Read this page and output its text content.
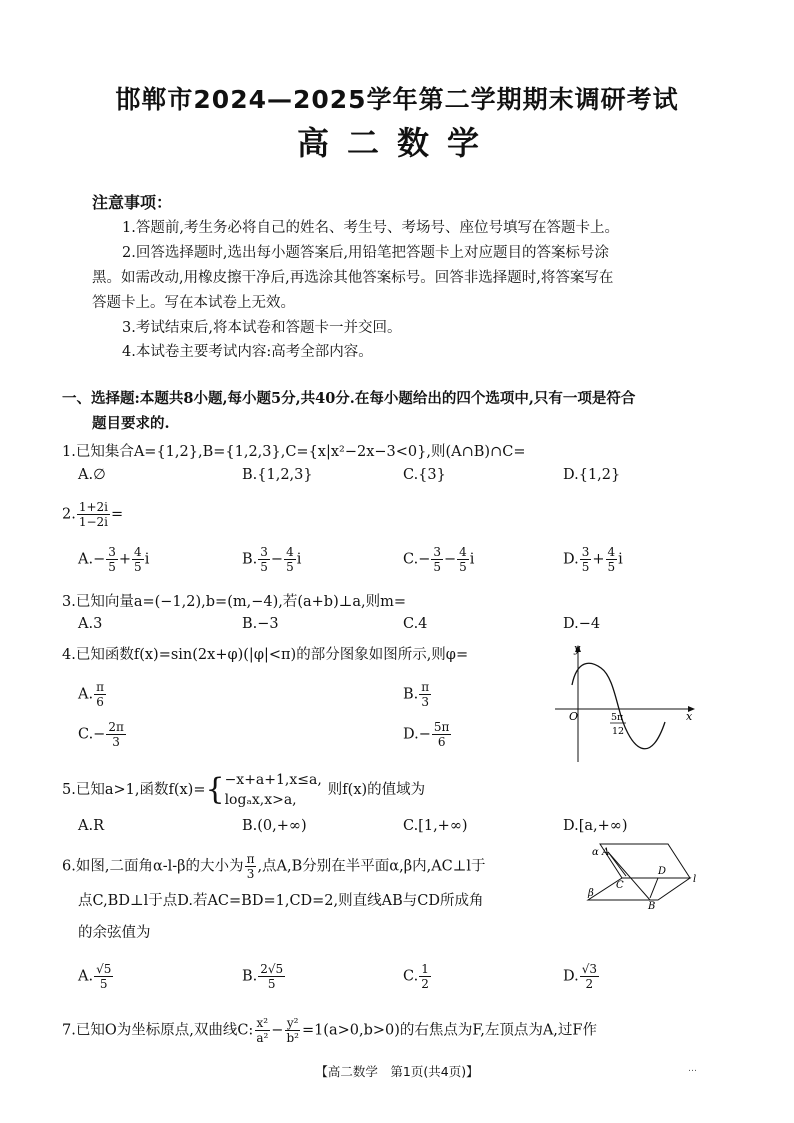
邯郸市2024—2025学年第二学期期末调研考试
高二数学
注意事项：
1.答题前,考生务必将自己的姓名、考生号、考场号、座位号填写在答题卡上。
2.回答选择题时,选出每小题答案后,用铅笔把答题卡上对应题目的答案标号涂
黑。如需改动,用橡皮擦干净后,再选涂其他答案标号。回答非选择题时,将答案写在
答题卡上。写在本试卷上无效。
3.考试结束后,将本试卷和答题卡一并交回。
4.本试卷主要考试内容:高考全部内容。
一、选择题:本题共8小题,每小题5分,共40分.在每小题给出的四个选项中,只有一项是符合
题目要求的.
1.已知集合A={1,2},B={1,2,3},C={x|x²−2x−3<0},则(A∩B)∩C=
A.∅	B.{1,2,3}	C.{3}	D.{1,2}
2. $\frac{1+2i}{1-2i}$ =
$A.- \frac{3}{5} + \frac{4}{5}$ i	B. $\frac{3}{5} - \frac{4}{5}$ i	$C.- \frac{3}{5} - \frac{4}{5}$ i	D. $\frac{3}{5} + \frac{4}{5}$ i
3.已知向量a=(−1,2),b=(m,−4),若(a+b)⊥a,则m=
A.3	B.−3	C.4	D.−4
4.已知函数f(x)=sin(2x+φ)(|φ|<π)的部分图象如图所示,则φ=
A. $\frac{\pi}{6}$	B. $\frac{\pi}{3}$
$C.- \frac{2\pi}{3}$	$D.- \frac{5\pi}{6}$
y
x
O	5π
12
5.已知a>1,函数f(x)={ −x+a+1,x≤a,
logₐx,x>a,
则f(x)的值域为
A.R	B.(0,+∞)	C.[1,+∞)	D.[a,+∞)
6.如图,二面角α-l-β的大小为 $\frac{\pi}{3}$ ,点A,B分别在半平面α,β内,AC⊥l于
点C,BD⊥l于点D.若AC=BD=1,CD=2,则直线AB与CD所成角
的余弦值为
A. $\frac{√5}{5}$	B. $\frac{2√5}{5}$	C. $\frac{1}{2}$	D. $\frac{√3}{2}$
A
C
D
B
α
β
l
7.已知O为坐标原点,双曲线C: $\frac{\text{x²}}{\text{a²}} - \frac{\text{y²}}{\text{b²}} =1(a>0,b>0)$的右焦点为F,左顶点为A,过F作
【高二数学　第1页(共4页)】	…
